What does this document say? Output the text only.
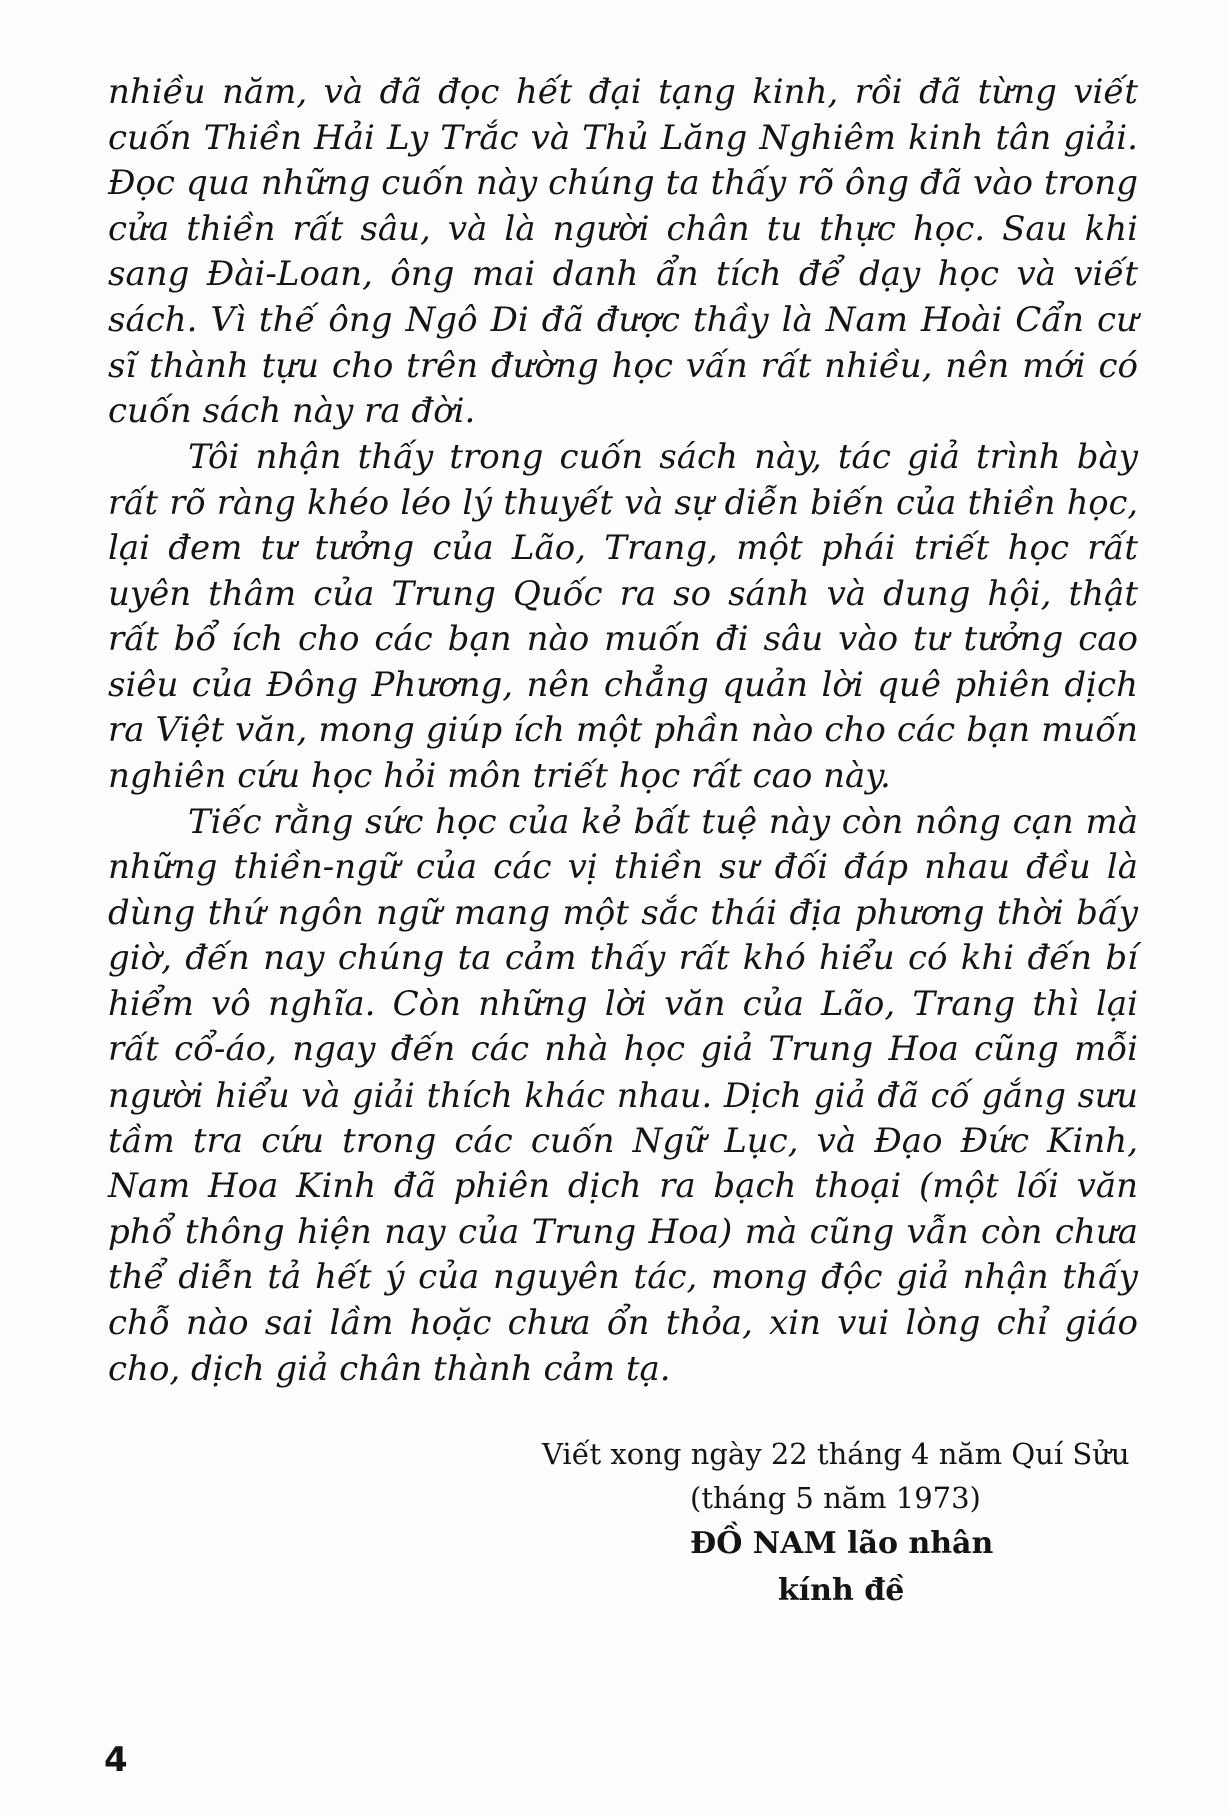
nhiều năm, và đã đọc hết đại tạng kinh, rồi đã từng viết
cuốn Thiền Hải Ly Trắc và Thủ Lăng Nghiêm kinh tân giải.
Đọc qua những cuốn này chúng ta thấy rõ ông đã vào trong
cửa thiền rất sâu, và là người chân tu thực học. Sau khi
sang Đài-Loan, ông mai danh ẩn tích để dạy học và viết
sách. Vì thế ông Ngô Di đã được thầy là Nam Hoài Cẩn cư
sĩ thành tựu cho trên đường học vấn rất nhiều, nên mới có
cuốn sách này ra đời.
Tôi nhận thấy trong cuốn sách này, tác giả trình bày
rất rõ ràng khéo léo lý thuyết và sự diễn biến của thiền học,
lại đem tư tưởng của Lão, Trang, một phái triết học rất
uyên thâm của Trung Quốc ra so sánh và dung hội, thật
rất bổ ích cho các bạn nào muốn đi sâu vào tư tưởng cao
siêu của Đông Phương, nên chẳng quản lời quê phiên dịch
ra Việt văn, mong giúp ích một phần nào cho các bạn muốn
nghiên cứu học hỏi môn triết học rất cao này.
Tiếc rằng sức học của kẻ bất tuệ này còn nông cạn mà
những thiền-ngữ của các vị thiền sư đối đáp nhau đều là
dùng thứ ngôn ngữ mang một sắc thái địa phương thời bấy
giờ, đến nay chúng ta cảm thấy rất khó hiểu có khi đến bí
hiểm vô nghĩa. Còn những lời văn của Lão, Trang thì lại
rất cổ-áo, ngay đến các nhà học giả Trung Hoa cũng mỗi
người hiểu và giải thích khác nhau. Dịch giả đã cố gắng sưu
tầm tra cứu trong các cuốn Ngữ Lục, và Đạo Đức Kinh,
Nam Hoa Kinh đã phiên dịch ra bạch thoại (một lối văn
phổ thông hiện nay của Trung Hoa) mà cũng vẫn còn chưa
thể diễn tả hết ý của nguyên tác, mong độc giả nhận thấy
chỗ nào sai lầm hoặc chưa ổn thỏa, xin vui lòng chỉ giáo
cho, dịch giả chân thành cảm tạ.
Viết xong ngày 22 tháng 4 năm Quí Sửu
(tháng 5 năm 1973)
ĐỒ NAM lão nhân
kính đề
4
